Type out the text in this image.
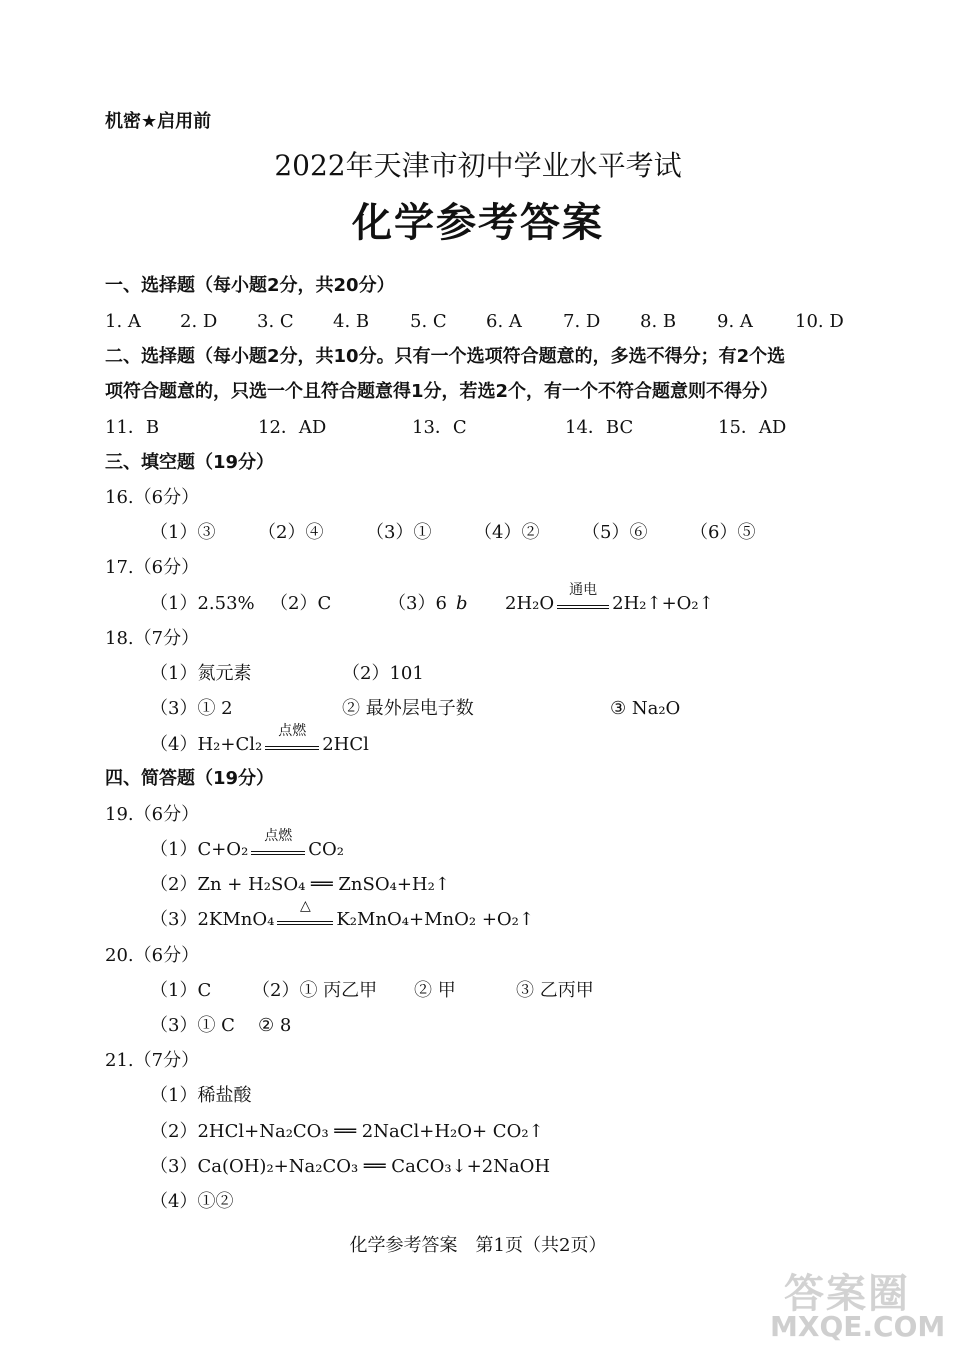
机密★启用前
2022年天津市初中学业水平考试
化学参考答案
一、选择题（每小题2分，共20分）
1. A 2. D 3. C 4. B 5. C 6. A 7. D 8. B 9. A 10. D
二、选择题（每小题2分，共10分。只有一个选项符合题意的，多选不得分；有2个选
项符合题意的，只选一个且符合题意得1分，若选2个，有一个不符合题意则不得分）
11．B	12．AD	13．C	14．BC	15．AD
三、填空题（19分）
16.（6分）
（1）③ （2）④ （3）① （4）② （5）⑥ （6）⑤
17.（6分）
（1）2.53% （2）C	（3）6 b 2H₂O
通电
2H₂↑+O₂↑
18.（7分）
（1）氮元素	（2）101
（3）① 2	② 最外层电子数	③ Na₂O
（4）H₂+Cl₂
点燃
2HCl
四、简答题（19分）
19.（6分）
（1）C+O₂
点燃
CO₂
（2）Zn + H₂SO₄ ══ ZnSO₄+H₂↑
（3）2KMnO₄
△
K₂MnO₄+MnO₂ +O₂↑
20.（6分）
（1）C （2）① 丙乙甲 ② 甲	③ 乙丙甲
（3）① C ② 8
21.（7分）
（1）稀盐酸
（2）2HCl+Na₂CO₃ ══ 2NaCl+H₂O+ CO₂↑
（3）Ca(OH)₂+Na₂CO₃ ══ CaCO₃↓+2NaOH
（4）①②
化学参考答案　第1页（共2页）
答案圈
MXQE.COM
